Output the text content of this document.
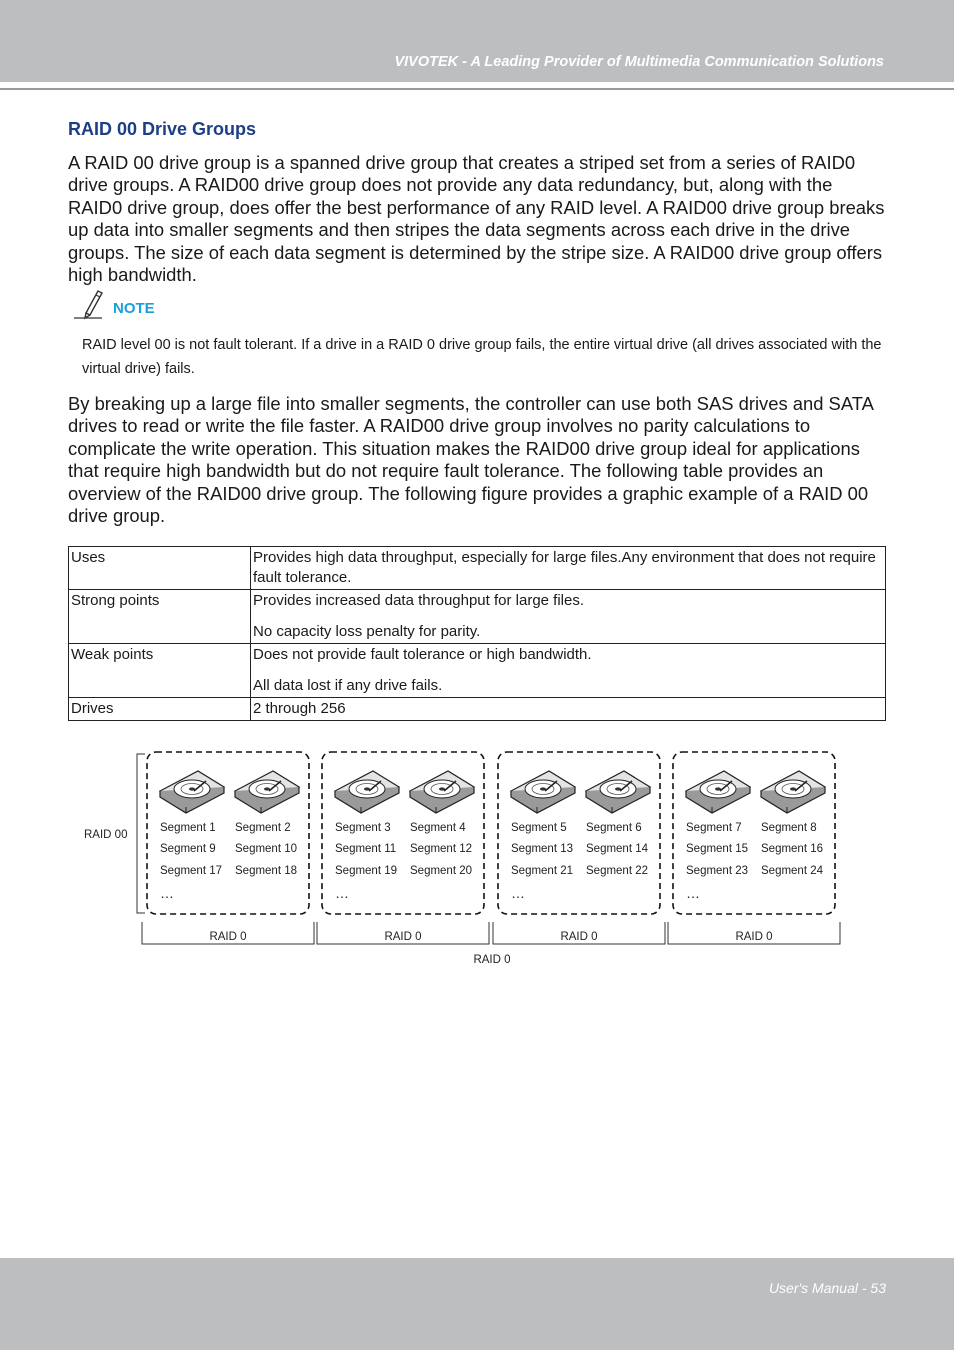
VIVOTEK - A Leading Provider of Multimedia Communication Solutions
RAID 00 Drive Groups

A RAID 00 drive group is a spanned drive group that creates a striped set from a series of RAID0 drive groups. A RAID00 drive group does not provide any data redundancy, but, along with the RAID0 drive group, does offer the best performance of any RAID level. A RAID00 drive group breaks up data into smaller segments and then stripes the data segments across each drive in the drive groups. The size of each data segment is determined by the stripe size. A RAID00 drive group offers high bandwidth.

NOTE

RAID level 00 is not fault tolerant. If a drive in a RAID 0 drive group fails, the entire virtual drive (all drives associated with the virtual drive) fails.

By breaking up a large file into smaller segments, the controller can use both SAS drives and SATA drives to read or write the file faster. A RAID00 drive group involves no parity calculations to complicate the write operation. This situation makes the RAID00 drive group ideal for applications that require high bandwidth but do not require fault tolerance. The following table provides an overview of the RAID00 drive group. The following figure provides a graphic example of a RAID 00 drive group.

Uses	Provides high data throughput, especially for large files.Any environment that does not require fault tolerance.

Strong points	Provides increased data throughput for large files.

No capacity loss penalty for parity.

Weak points	Does not provide fault tolerance or high bandwidth.

All data lost if any drive fails.

Drives	2 through 256

RAID 00
Segment 1
Segment 9
Segment 17
Segment 2
Segment 10
Segment 18
…
RAID 0
Segment 3
Segment 11
Segment 19
Segment 4
Segment 12
Segment 20
…
RAID 0
Segment 5
Segment 13
Segment 21
Segment 6
Segment 14
Segment 22
…
RAID 0
Segment 7
Segment 15
Segment 23
Segment 8
Segment 16
Segment 24
…
RAID 0
RAID 0
User's Manual - 53
